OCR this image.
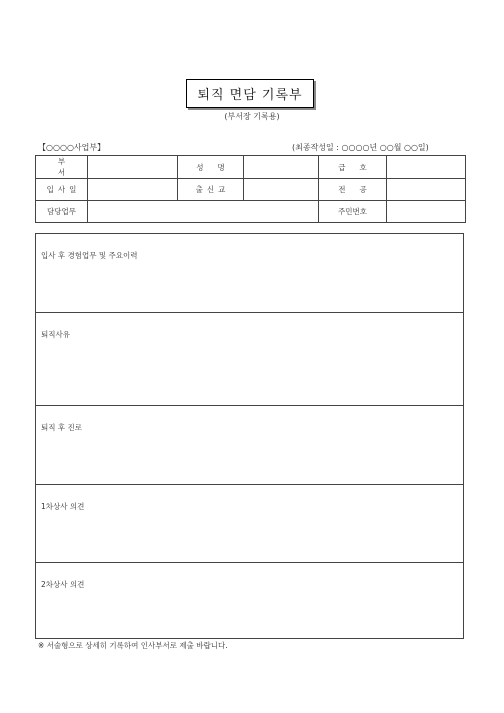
퇴직 면담 기록부
(부서장 기록용)
【○○○○사업부】	(최종작성일 : ○○○○년 ○○월 ○○일)
부서		성명		급호	
입사일		출신교		전공	
담당업무				주민번호	
입사 후 경험업무 및 주요이력
퇴직사유
퇴직 후 진로
1차상사 의견
2차상사 의견
※ 서술형으로 상세히 기록하여 인사부서로 제출 바랍니다.
